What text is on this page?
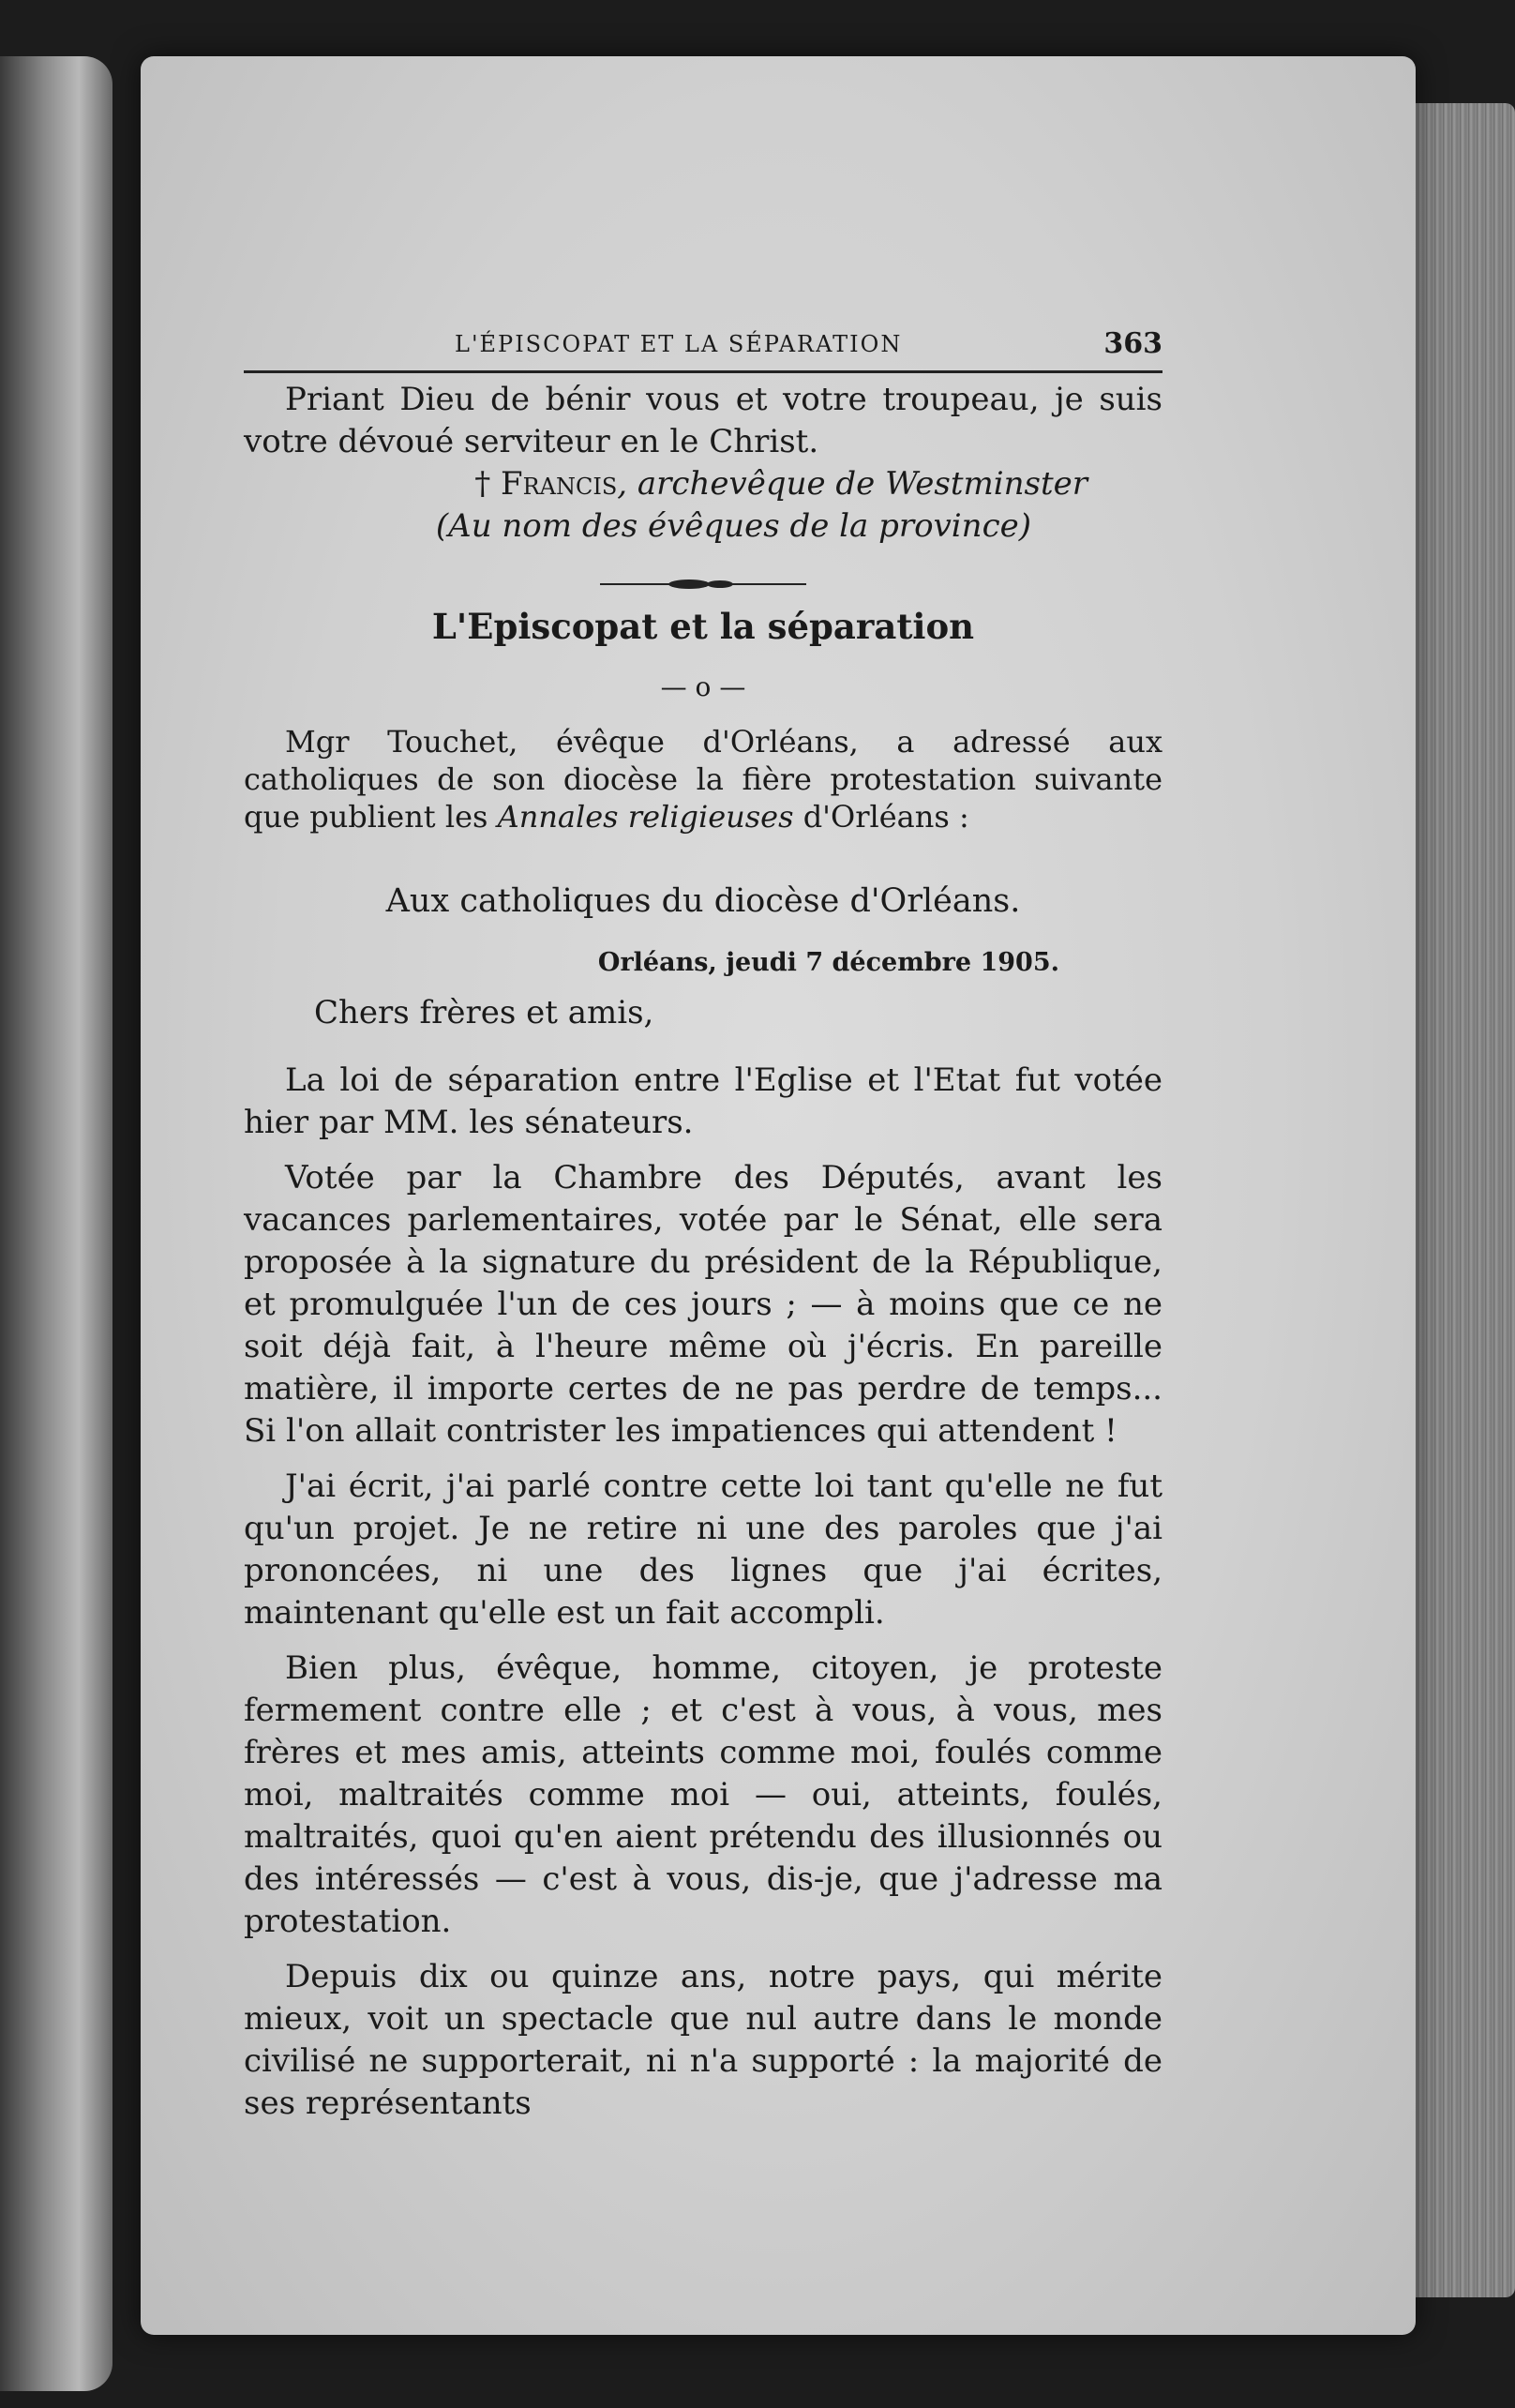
L'ÉPISCOPAT ET LA SÉPARATION	363

Priant Dieu de bénir vous et votre troupeau, je suis votre dévoué serviteur en le Christ.

† Francis, archevêque de Westminster

(Au nom des évêques de la province)

L'Episcopat et la séparation
— o —

Mgr Touchet, évêque d'Orléans, a adressé aux catholiques de son diocèse la fière protestation suivante que publient les Annales religieuses d'Orléans :

Aux catholiques du diocèse d'Orléans.
Orléans, jeudi 7 décembre 1905.
Chers frères et amis,

La loi de séparation entre l'Eglise et l'Etat fut votée hier par MM. les sénateurs.

Votée par la Chambre des Députés, avant les vacances parlementaires, votée par le Sénat, elle sera proposée à la signature du président de la République, et promulguée l'un de ces jours ; — à moins que ce ne soit déjà fait, à l'heure même où j'écris. En pareille matière, il importe certes de ne pas perdre de temps... Si l'on allait contrister les impatiences qui attendent !

J'ai écrit, j'ai parlé contre cette loi tant qu'elle ne fut qu'un projet. Je ne retire ni une des paroles que j'ai prononcées, ni une des lignes que j'ai écrites, maintenant qu'elle est un fait accompli.

Bien plus, évêque, homme, citoyen, je proteste fermement contre elle ; et c'est à vous, à vous, mes frères et mes amis, atteints comme moi, foulés comme moi, maltraités comme moi — oui, atteints, foulés, maltraités, quoi qu'en aient prétendu des illusionnés ou des intéressés — c'est à vous, dis-je, que j'adresse ma protestation.

Depuis dix ou quinze ans, notre pays, qui mérite mieux, voit un spectacle que nul autre dans le monde civilisé ne supporterait, ni n'a supporté : la majorité de ses représentants
